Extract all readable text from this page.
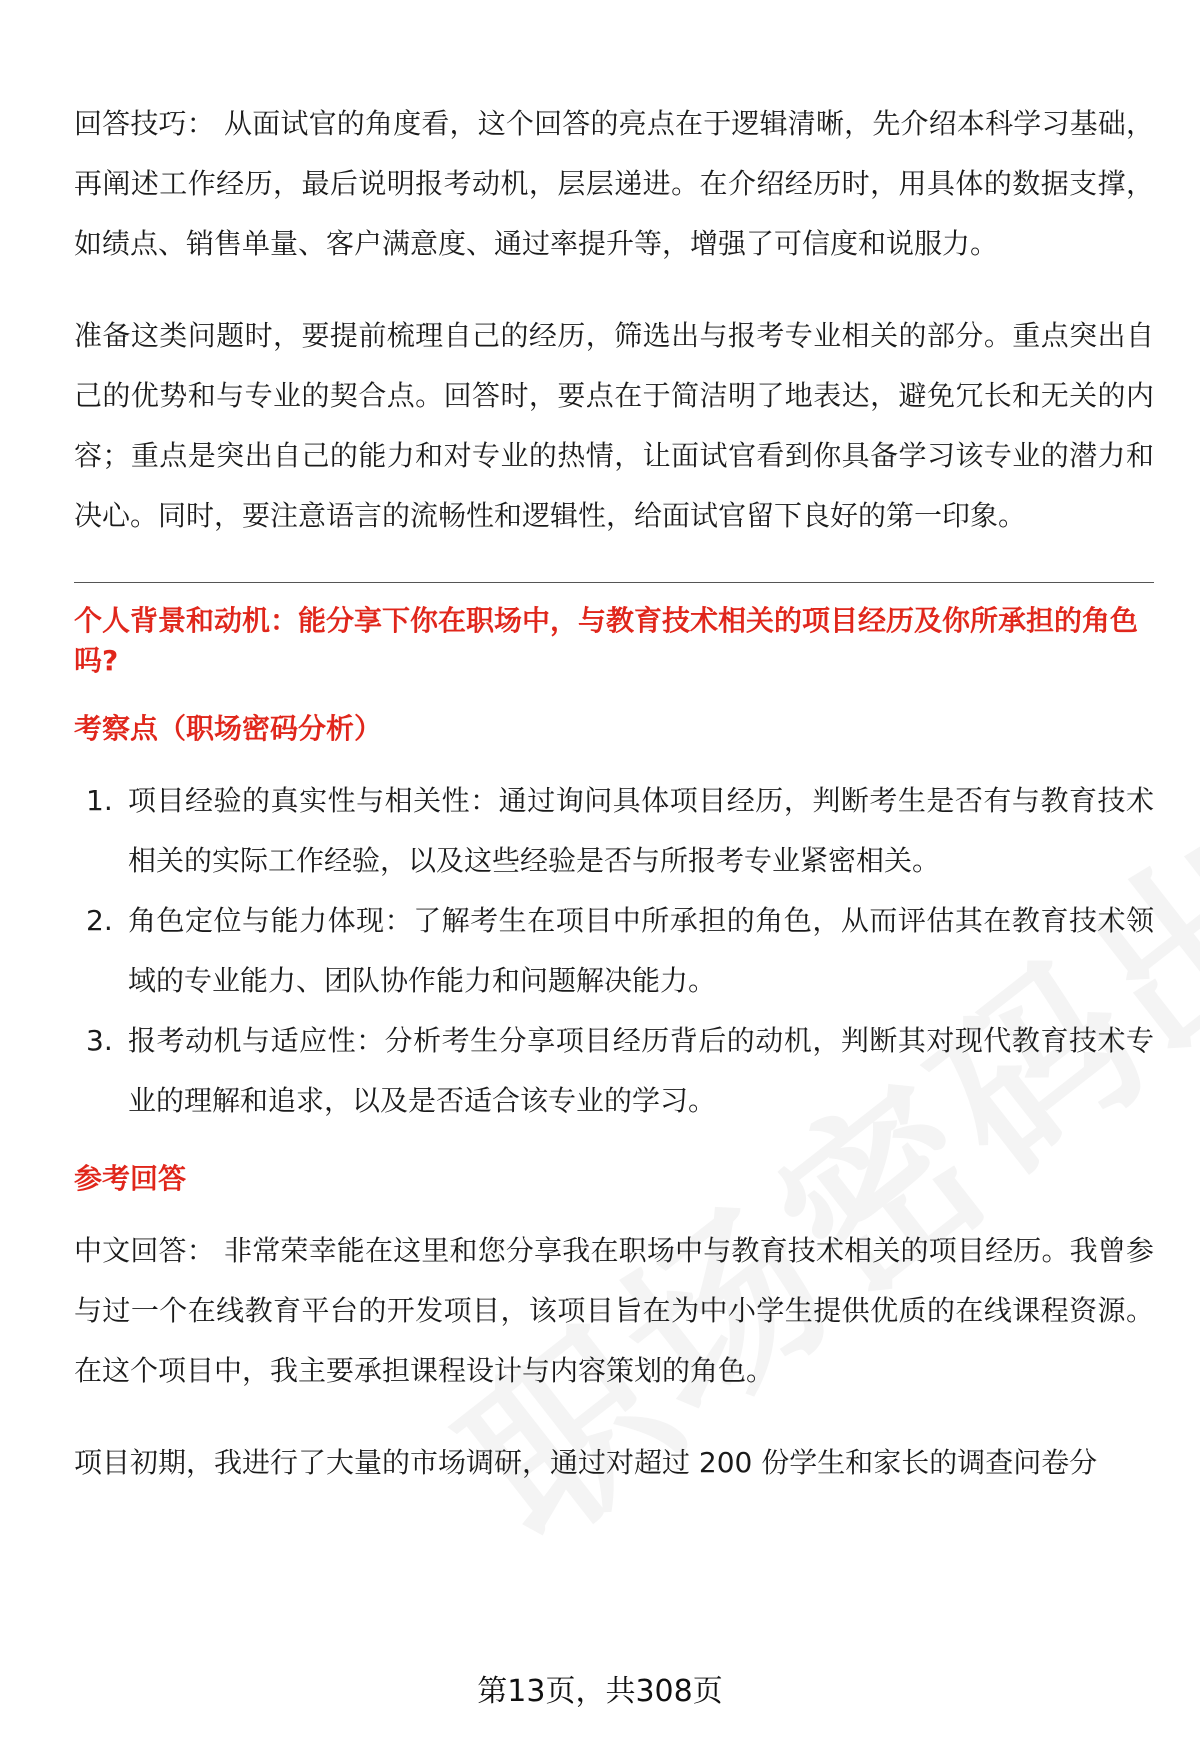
回答技巧： 从面试官的角度看，这个回答的亮点在于逻辑清晰，先介绍本科学习基础，再阐述工作经历，最后说明报考动机，层层递进。在介绍经历时，用具体的数据支撑，如绩点、销售单量、客户满意度、通过率提升等，增强了可信度和说服力。

准备这类问题时，要提前梳理自己的经历，筛选出与报考专业相关的部分。重点突出自己的优势和与专业的契合点。回答时，要点在于简洁明了地表达，避免冗长和无关的内容；重点是突出自己的能力和对专业的热情，让面试官看到你具备学习该专业的潜力和决心。同时，要注意语言的流畅性和逻辑性，给面试官留下良好的第一印象。

个人背景和动机：能分享下你在职场中，与教育技术相关的项目经历及你所承担的角色吗?

考察点（职场密码分析）

1. 项目经验的真实性与相关性：通过询问具体项目经历，判断考生是否有与教育技术相关的实际工作经验，以及这些经验是否与所报考专业紧密相关。
2. 角色定位与能力体现：了解考生在项目中所承担的角色，从而评估其在教育技术领域的专业能力、团队协作能力和问题解决能力。
3. 报考动机与适应性：分析考生分享项目经历背后的动机，判断其对现代教育技术专业的理解和追求，以及是否适合该专业的学习。

参考回答

中文回答： 非常荣幸能在这里和您分享我在职场中与教育技术相关的项目经历。我曾参与过一个在线教育平台的开发项目，该项目旨在为中小学生提供优质的在线课程资源。在这个项目中，我主要承担课程设计与内容策划的角色。

项目初期，我进行了大量的市场调研，通过对超过 200 份学生和家长的调查问卷分

第13页，共308页
